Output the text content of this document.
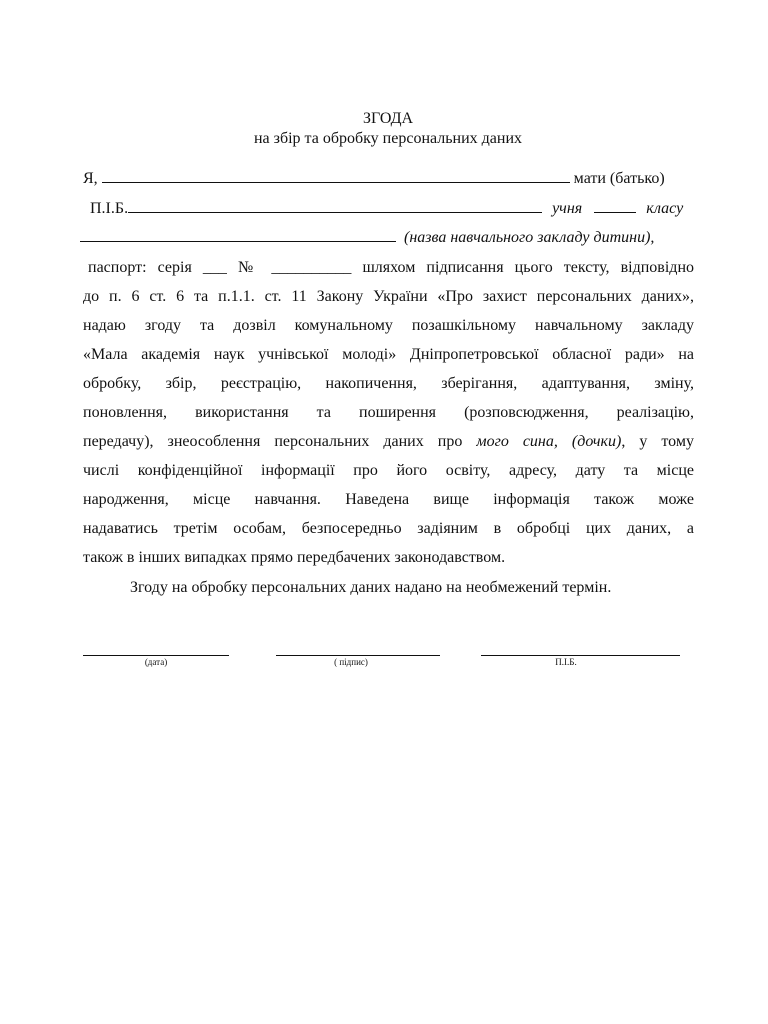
ЗГОДА
на збір та обробку персональних даних
Я,	мати (батько)
П.І.Б.	учня	класу
(назва навчального закладу дитини),
паспорт: серія ___ № __________ шляхом підписання цього тексту, відповідно
до п. 6 ст. 6 та п.1.1. ст. 11 Закону України «Про захист персональних даних»,
надаю згоду та дозвіл комунальному позашкільному навчальному закладу
«Мала академія наук учнівської молоді» Дніпропетровської обласної ради» на
обробку, збір, реєстрацію, накопичення, зберігання, адаптування, зміну,
поновлення, використання та поширення (розповсюдження, реалізацію,
передачу), знеособлення персональних даних про мого сина, (дочки), у тому
числі конфіденційної інформації про його освіту, адресу, дату та місце
народження, місце навчання. Наведена вище інформація також може
надаватись третім особам, безпосередньо задіяним в обробці цих даних, а
також в інших випадках прямо передбачених законодавством.
Згоду на обробку персональних даних надано на необмежений термін.
(дата)	( підпис)	П.І.Б.
